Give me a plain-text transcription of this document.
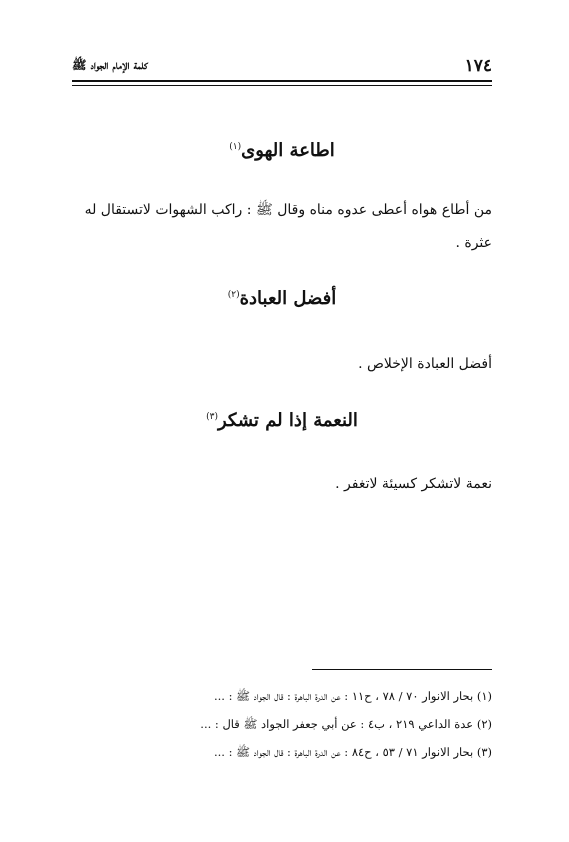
كلمة الإمام الجواد ﷺ	١٧٤
اطاعة الهوى$^{(١)}$
من أطاع هواه أعطى عدوه مناه وقال ﷺ : راكب الشهوات لاتستقال له عثرة .
أفضل العبادة$^{(٢)}$
أفضل العبادة الإخلاص .
النعمة إذا لم تشكر$^{(٣)}$
نعمة لاتشكر كسيئة لاتغفر .
(١) بحار الانوار ٧٠ / ٧٨ ، ح١١ : عن الدرة الباهرة : قال الجواد ﷺ : ...
(٢) عدة الداعي ٢١٩ ، ب٤ : عن أبي جعفر الجواد ﷺ قال : ...
(٣) بحار الانوار ٧١ / ٥٣ ، ح٨٤ : عن الدرة الباهرة : قال الجواد ﷺ : ...
